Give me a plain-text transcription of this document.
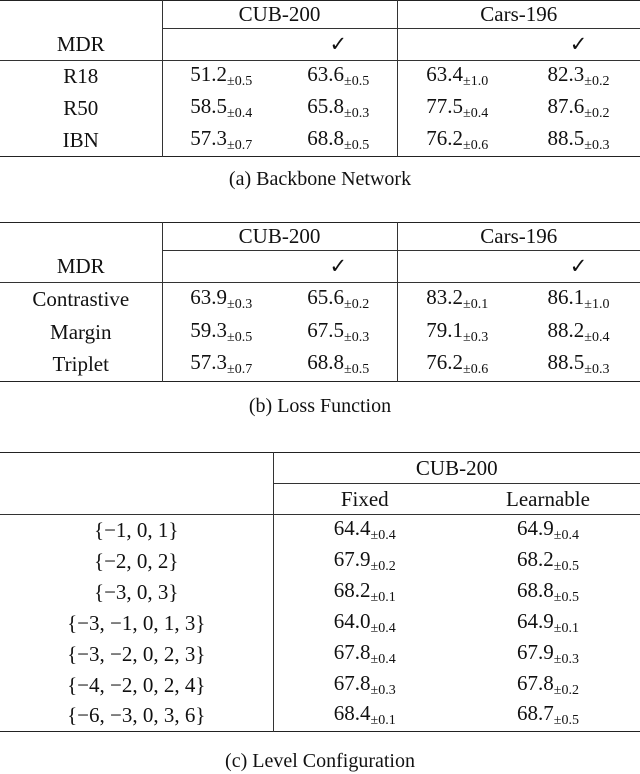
	CUB-200		Cars-196	
MDR		✓		✓
R18	$51.2_{\pm 0.5}$	$63.6_{\pm 0.5}$	$63.4_{\pm 1.0}$	$82.3_{\pm 0.2}$
R50	$58.5_{\pm 0.4}$	$65.8_{\pm 0.3}$	$77.5_{\pm 0.4}$	$87.6_{\pm 0.2}$
IBN	$57.3_{\pm 0.7}$	$68.8_{\pm 0.5}$	$76.2_{\pm 0.6}$	$88.5_{\pm 0.3}$
(a) Backbone Network
	CUB-200		Cars-196	
MDR		✓		✓
Contrastive	$63.9_{\pm 0.3}$	$65.6_{\pm 0.2}$	$83.2_{\pm 0.1}$	$86.1_{\pm 1.0}$
Margin	$59.3_{\pm 0.5}$	$67.5_{\pm 0.3}$	$79.1_{\pm 0.3}$	$88.2_{\pm 0.4}$
Triplet	$57.3_{\pm 0.7}$	$68.8_{\pm 0.5}$	$76.2_{\pm 0.6}$	$88.5_{\pm 0.3}$
(b) Loss Function
	CUB-200	
	Fixed	Learnable
{−1, 0, 1}	$64.4_{\pm 0.4}$	$64.9_{\pm 0.4}$
{−2, 0, 2}	$67.9_{\pm 0.2}$	$68.2_{\pm 0.5}$
{−3, 0, 3}	$68.2_{\pm 0.1}$	$68.8_{\pm 0.5}$
{−3, −1, 0, 1, 3}	$64.0_{\pm 0.4}$	$64.9_{\pm 0.1}$
{−3, −2, 0, 2, 3}	$67.8_{\pm 0.4}$	$67.9_{\pm 0.3}$
{−4, −2, 0, 2, 4}	$67.8_{\pm 0.3}$	$67.8_{\pm 0.2}$
{−6, −3, 0, 3, 6}	$68.4_{\pm 0.1}$	$68.7_{\pm 0.5}$
(c) Level Configuration
